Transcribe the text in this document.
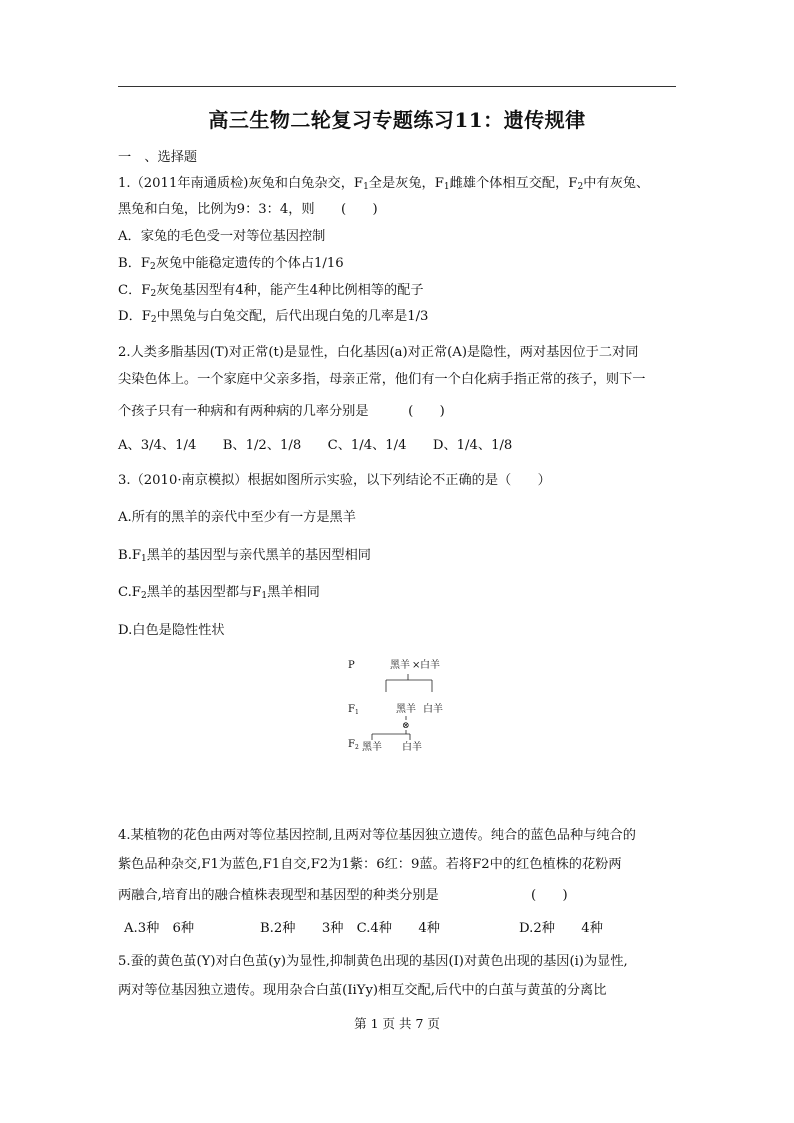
高三生物二轮复习专题练习11：遗传规律
一　、选择题
1.（2011年南通质检)灰兔和白兔杂交，$F_1$全是灰兔，$F_1$雌雄个体相互交配，$F_2$中有灰兔、
黑兔和白兔，比例为9：3：4，则　　(　　)
A．家兔的毛色受一对等位基因控制
B．$F_2$灰兔中能稳定遗传的个体占1/16
C．$F_2$灰兔基因型有4种，能产生4种比例相等的配子
D．$F_2$中黑兔与白兔交配，后代出现白兔的几率是1/3
2.人类多脂基因(T)对正常(t)是显性，白化基因(a)对正常(A)是隐性，两对基因位于二对同
尖染色体上。一个家庭中父亲多指，母亲正常，他们有一个白化病手指正常的孩子，则下一
个孩子只有一种病和有两种病的几率分别是　　　(　　)
A、3/4、1/4　　B、1/2、1/8　　C、1/4、1/4　　D、1/4、1/8
3.（2010·南京模拟）根据如图所示实验，以下列结论不正确的是（　　）
A.所有的黑羊的亲代中至少有一方是黑羊
$B.F_1$黑羊的基因型与亲代黑羊的基因型相同
$C.F_2$黑羊的基因型都与$F_1$黑羊相同
D.白色是隐性性状
P
$F_1$
$F_2$
黑羊 × 白羊
黑羊 白羊
⊗
黑羊 白羊
4.某植物的花色由两对等位基因控制,且两对等位基因独立遗传。纯合的蓝色品种与纯合的
紫色品种杂交,F1为蓝色,F1自交,F2为1紫：6红：9蓝。若将F2中的红色植株的花粉两
两融合,培育出的融合植株表现型和基因型的种类分别是　　　　　　　(　　)
A.3种　6种　　　　　B.2种　　3种　C.4种　　4种　　　　　　D.2种　　4种
5.蚕的黄色茧(Y)对白色茧(y)为显性,抑制黄色出现的基因(I)对黄色出现的基因(i)为显性,
两对等位基因独立遗传。现用杂合白茧(IiYy)相互交配,后代中的白茧与黄茧的分离比
第 1 页 共 7 页
